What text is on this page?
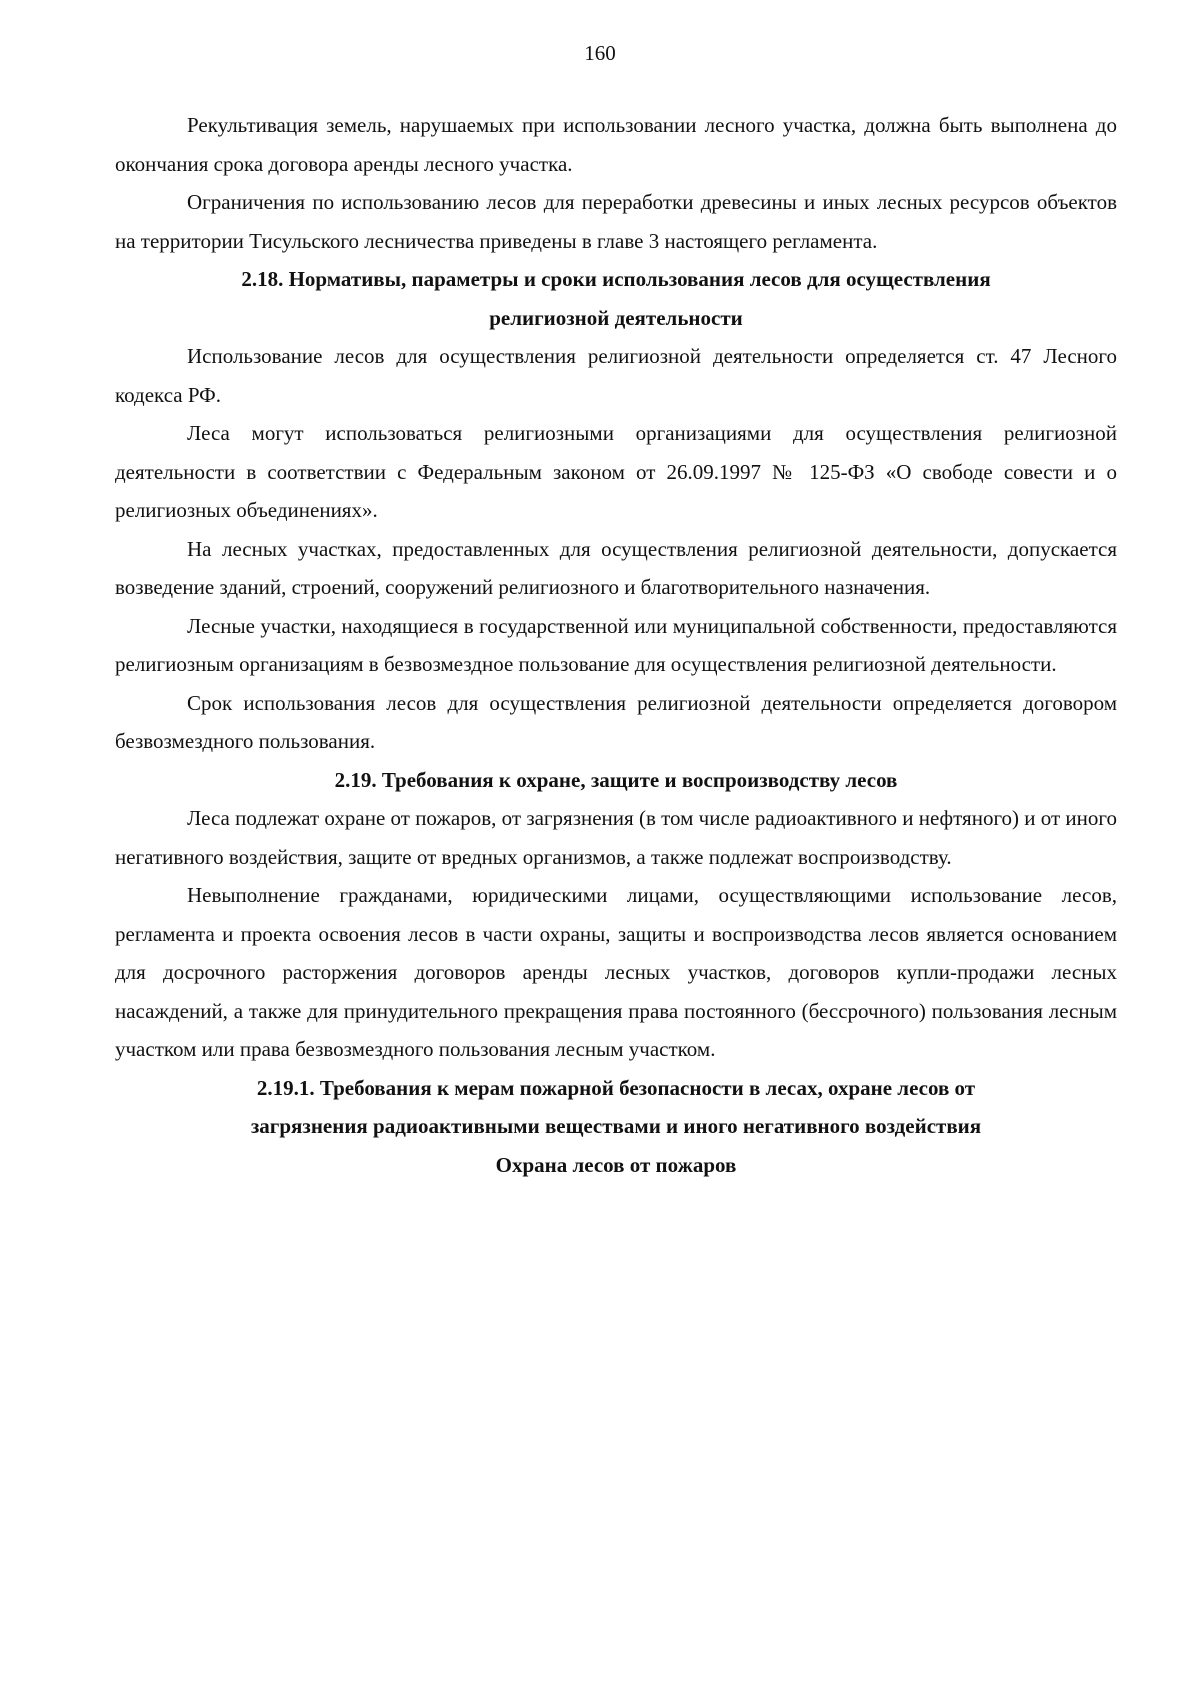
160

Рекультивация земель, нарушаемых при использовании лесного участка, должна быть выполнена до окончания срока договора аренды лесного участка.

Ограничения по использованию лесов для переработки древесины и иных лесных ресурсов объектов на территории Тисульского лесничества приведены в главе 3 настоящего регламента.

2.18. Нормативы, параметры и сроки использования лесов для осуществления
религиозной деятельности

Использование лесов для осуществления религиозной деятельности определяется ст. 47 Лесного кодекса РФ.

Леса могут использоваться религиозными организациями для осуществления религиозной деятельности в соответствии с Федеральным законом от 26.09.1997 № 125-ФЗ «О свободе совести и о религиозных объединениях».

На лесных участках, предоставленных для осуществления религиозной деятельности, допускается возведение зданий, строений, сооружений религиозного и благотворительного назначения.

Лесные участки, находящиеся в государственной или муниципальной собственности, предоставляются религиозным организациям в безвозмездное пользование для осуществления религиозной деятельности.

Срок использования лесов для осуществления религиозной деятельности определяется договором безвозмездного пользования.

2.19. Требования к охране, защите и воспроизводству лесов

Леса подлежат охране от пожаров, от загрязнения (в том числе радиоактивного и нефтяного) и от иного негативного воздействия, защите от вредных организмов, а также подлежат воспроизводству.

Невыполнение гражданами, юридическими лицами, осуществляющими использование лесов, регламента и проекта освоения лесов в части охраны, защиты и воспроизводства лесов является основанием для досрочного расторжения договоров аренды лесных участков, договоров купли-продажи лесных насаждений, а также для принудительного прекращения права постоянного (бессрочного) пользования лесным участком или права безвозмездного пользования лесным участком.

2.19.1. Требования к мерам пожарной безопасности в лесах, охране лесов от
загрязнения радиоактивными веществами и иного негативного воздействия
Охрана лесов от пожаров
